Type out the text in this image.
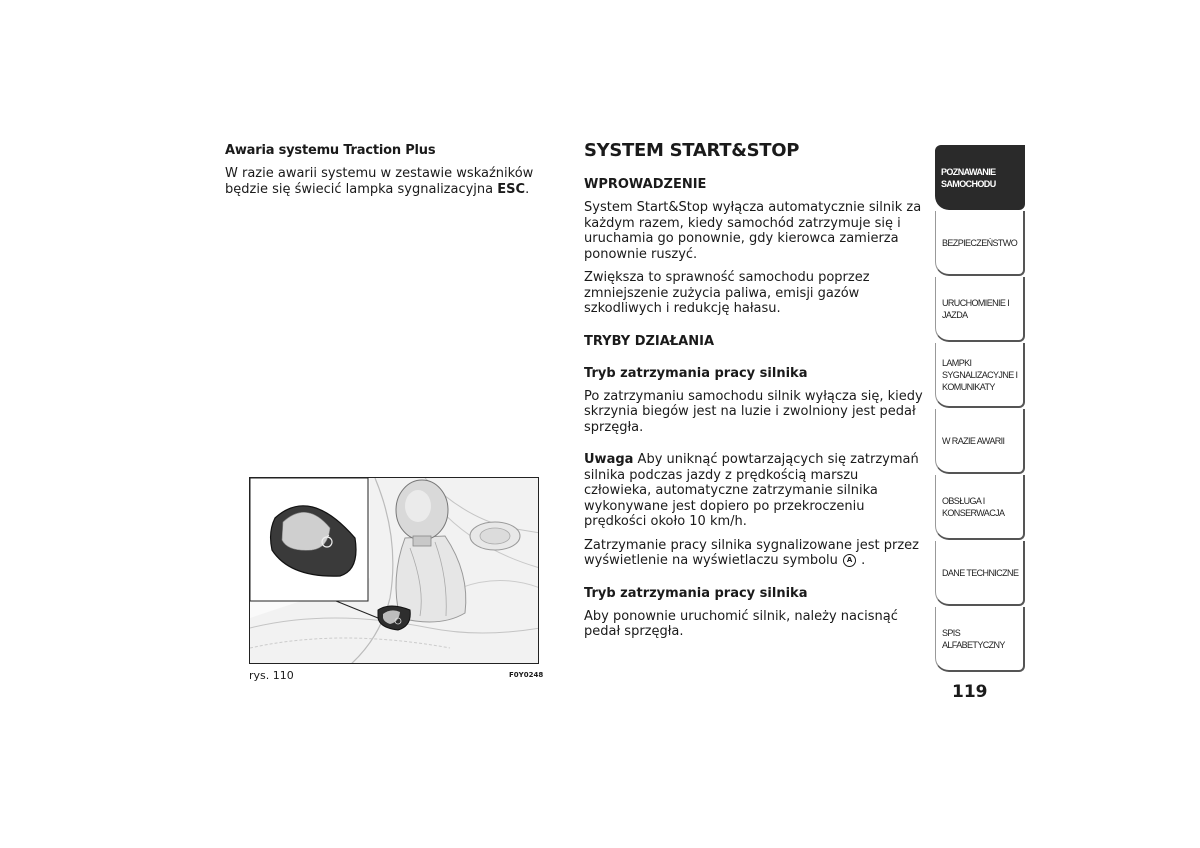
Awaria systemu Traction Plus

W razie awarii systemu w zestawie wskaźników będzie się świecić lampka sygnalizacyjna ESC.

rys. 110	F0Y0248

SYSTEM START&STOP

WPROWADZENIE

System Start&Stop wyłącza automatycznie silnik za każdym razem, kiedy samochód zatrzymuje się i uruchamia go ponownie, gdy kierowca zamierza ponownie ruszyć.

Zwiększa to sprawność samochodu poprzez zmniejszenie zużycia paliwa, emisji gazów szkodliwych i redukcję hałasu.

TRYBY DZIAŁANIA

Tryb zatrzymania pracy silnika

Po zatrzymaniu samochodu silnik wyłącza się, kiedy skrzynia biegów jest na luzie i zwolniony jest pedał sprzęgła.

Uwaga Aby uniknąć powtarzających się zatrzymań silnika podczas jazdy z prędkością marszu człowieka, automatyczne zatrzymanie silnika wykonywane jest dopiero po przekroczeniu prędkości około 10 km/h.

Zatrzymanie pracy silnika sygnalizowane jest przez wyświetlenie na wyświetlaczu symbolu A .

Tryb zatrzymania pracy silnika

Aby ponownie uruchomić silnik, należy nacisnąć pedał sprzęgła.

POZNAWANIE SAMOCHODU
BEZPIECZEŃSTWO
URUCHOMIENIE I JAZDA
LAMPKI SYGNALIZACYJNE I KOMUNIKATY
W RAZIE AWARII
OBSŁUGA I KONSERWACJA
DANE TECHNICZNE
SPIS ALFABETYCZNY
119
